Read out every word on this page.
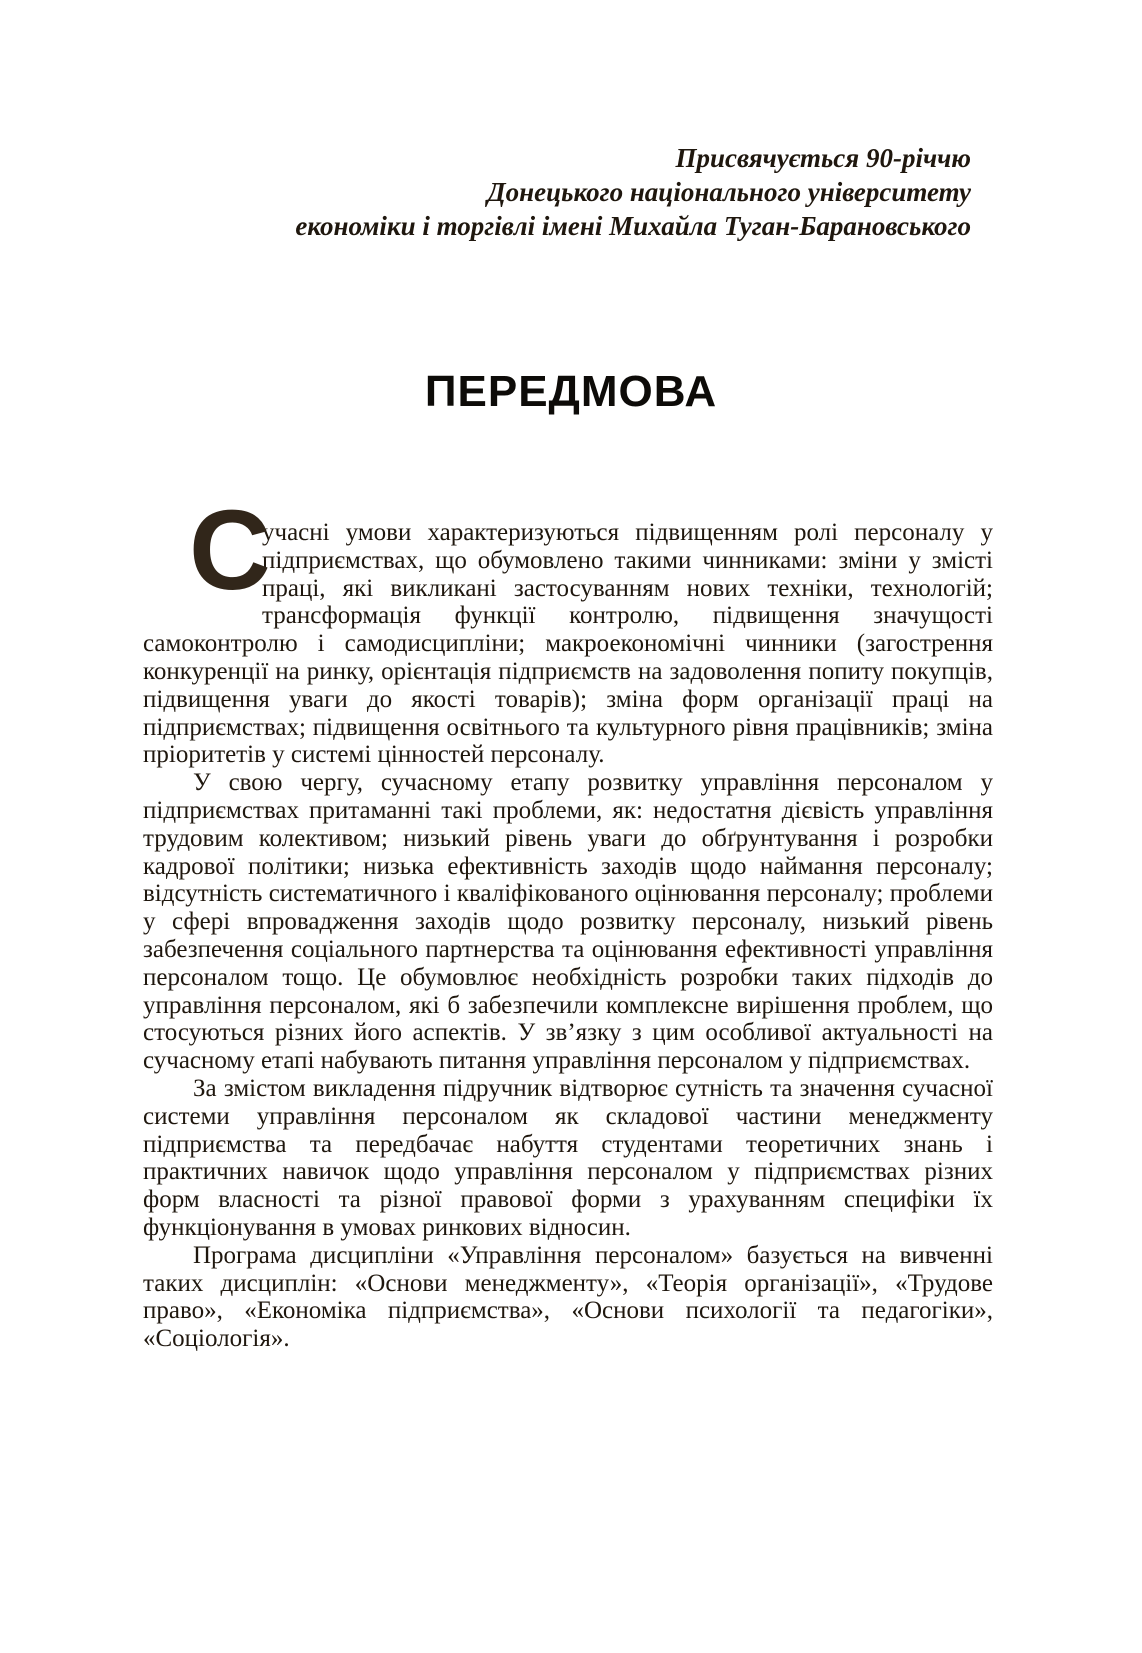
Присвячується 90-річчю
Донецького національного університету
економіки і торгівлі імені Михайла Туган-Барановського
ПЕРЕДМОВА

С
учасні умови характеризуються підвищенням ролі персоналу у підприємствах, що обумовлено такими чинниками: зміни у змісті праці, які викликані застосуванням нових техніки, технологій; трансформація функції контролю, підвищення значущості самоконтролю і самодисципліни; макроекономічні чинники (загострення конкуренції на ринку, орієнтація підприємств на задоволення попиту покупців, підвищення уваги до якості товарів); зміна форм організації праці на підприємствах; підвищення освітнього та культурного рівня працівників; зміна пріоритетів у системі цінностей персоналу.

У свою чергу, сучасному етапу розвитку управління персоналом у підприємствах притаманні такі проблеми, як: недостатня дієвість управління трудовим колективом; низький рівень уваги до обґрунтування і розробки кадрової політики; низька ефективність заходів щодо наймання персоналу; відсутність систематичного і кваліфікованого оцінювання персоналу; проблеми у сфері впровадження заходів щодо розвитку персоналу, низький рівень забезпечення соціального партнерства та оцінювання ефективності управління персоналом тощо. Це обумовлює необхідність розробки таких підходів до управління персоналом, які б забезпечили комплексне вирішення проблем, що стосуються різних його аспектів. У зв’язку з цим особливої актуальності на сучасному етапі набувають питання управління персоналом у підприємствах.

За змістом викладення підручник відтворює сутність та значення сучасної системи управління персоналом як складової частини менеджменту підприємства та передбачає набуття студентами теоретичних знань і практичних навичок щодо управління персоналом у підприємствах різних форм власності та різної правової форми з урахуванням специфіки їх функціонування в умовах ринкових відносин.

Програма дисципліни «Управління персоналом» базується на вивченні таких дисциплін: «Основи менеджменту», «Теорія організації», «Трудове право», «Економіка підприємства», «Основи психології та педагогіки», «Соціологія».
